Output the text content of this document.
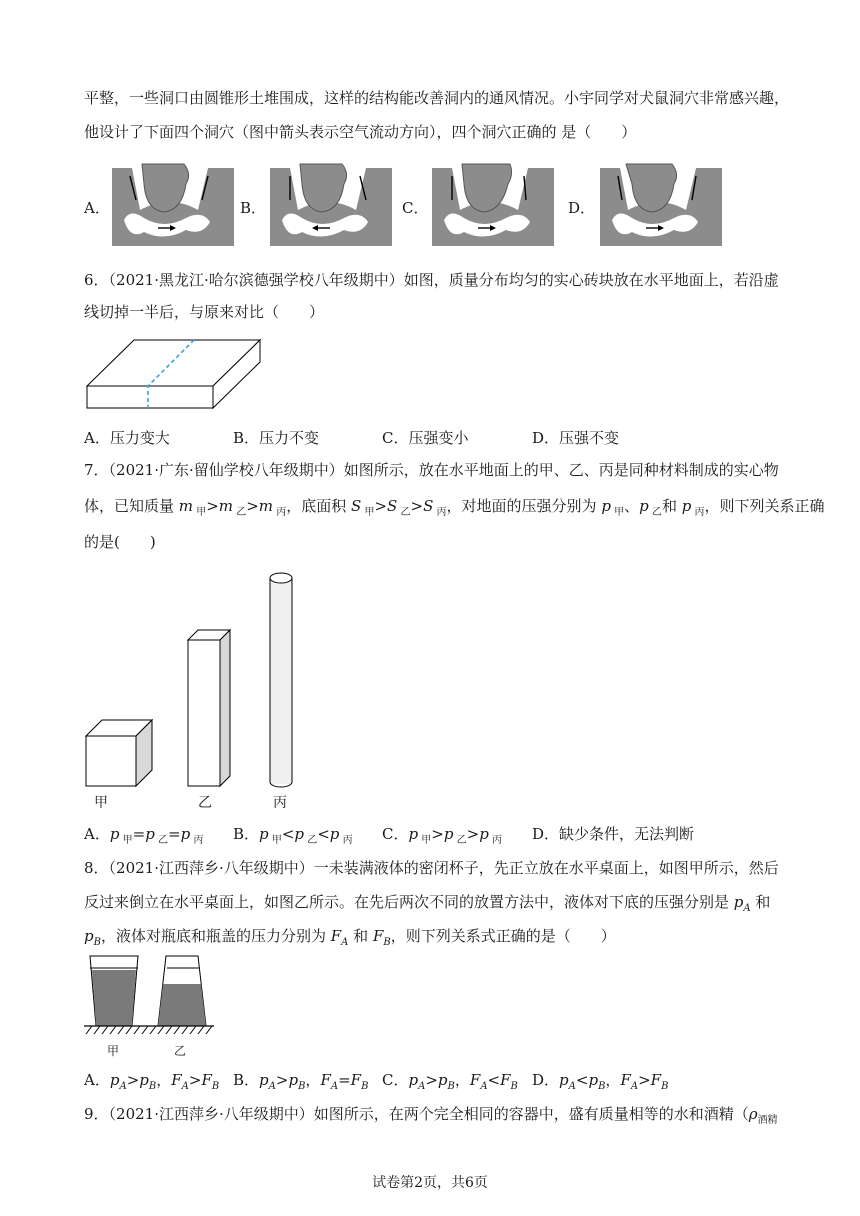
平整，一些洞口由圆锥形土堆围成，这样的结构能改善洞内的通风情况。小宇同学对犬鼠洞穴非常感兴趣，
他设计了下面四个洞穴（图中箭头表示空气流动方向），四个洞穴正确的 是（　　）
A．	B．	C．	D．
6．（2021·黑龙江·哈尔滨德强学校八年级期中）如图，质量分布均匀的实心砖块放在水平地面上，若沿虚
线切掉一半后，与原来对比（　　）
A．压力变大	B．压力不变	C．压强变小	D．压强不变
7．（2021·广东·留仙学校八年级期中）如图所示，放在水平地面上的甲、乙、丙是同种材料制成的实心物
体，已知质量 m $_甲$>m $_乙$>m $_丙$，底面积 S $_甲$>S $_乙$>S $_丙$，对地面的压强分别为 p $_甲$、p $_乙$和 p $_丙$，则下列关系正确
的是(　　)
甲	乙	丙
A．p $_甲$=p $_乙$=p $_丙$ B．p $_甲$<p $_乙$<p $_丙$ C．p $_甲$>p $_乙$>p $_丙$ D．缺少条件，无法判断
8．（2021·江西萍乡·八年级期中）一未装满液体的密闭杯子，先正立放在水平桌面上，如图甲所示，然后
反过来倒立在水平桌面上，如图乙所示。在先后两次不同的放置方法中，液体对下底的压强分别是 $p_A$ 和
$p_B$，液体对瓶底和瓶盖的压力分别为 $F_A$ 和 $F_B$，则下列关系式正确的是（　　）
甲	乙
A．$p_A>p_B$，$F_A>F_B$ B．$p_A>p_B$，$F_A=F_B$ C．$p_A>p_B$，$F_A<F_B$ D．$p_A<p_B$，$F_A>F_B$
9．（2021·江西萍乡·八年级期中）如图所示，在两个完全相同的容器中，盛有质量相等的水和酒精（$\rho_{酒精}$
试卷第2页，共6页
